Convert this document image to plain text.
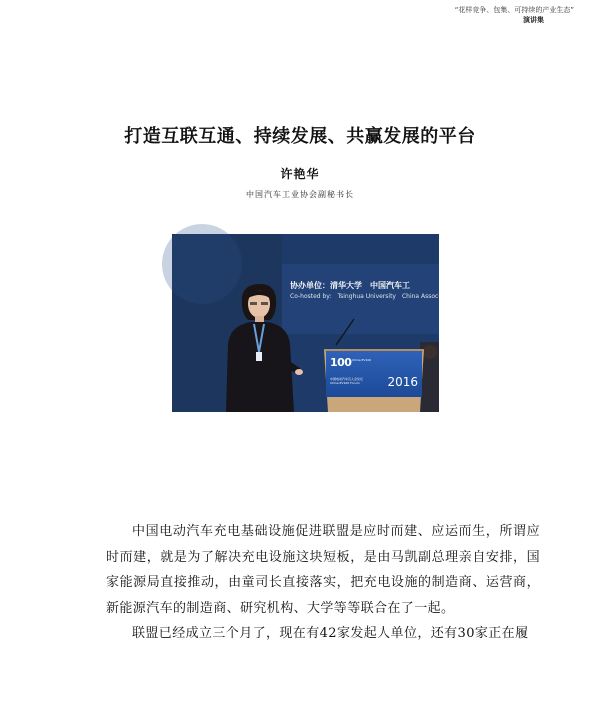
“花样竞争、包集、可持续的产业生态”
演讲集
打造互联互通、持续发展、共赢发展的平台
许艳华
中国汽车工业协会副秘书长
协办单位：清华大学　中国汽车工
Co-hosted by:　Tsinghua University　China Association of Automo
100 China EV100
中国电动汽车百人会论坛
China EV100 Forum 2016

中国电动汽车充电基础设施促进联盟是应时而建、应运而生，所谓应时而建，就是为了解决充电设施这块短板，是由马凯副总理亲自安排，国家能源局直接推动，由童司长直接落实，把充电设施的制造商、运营商，新能源汽车的制造商、研究机构、大学等等联合在了一起。

联盟已经成立三个月了，现在有42家发起人单位，还有30家正在履
